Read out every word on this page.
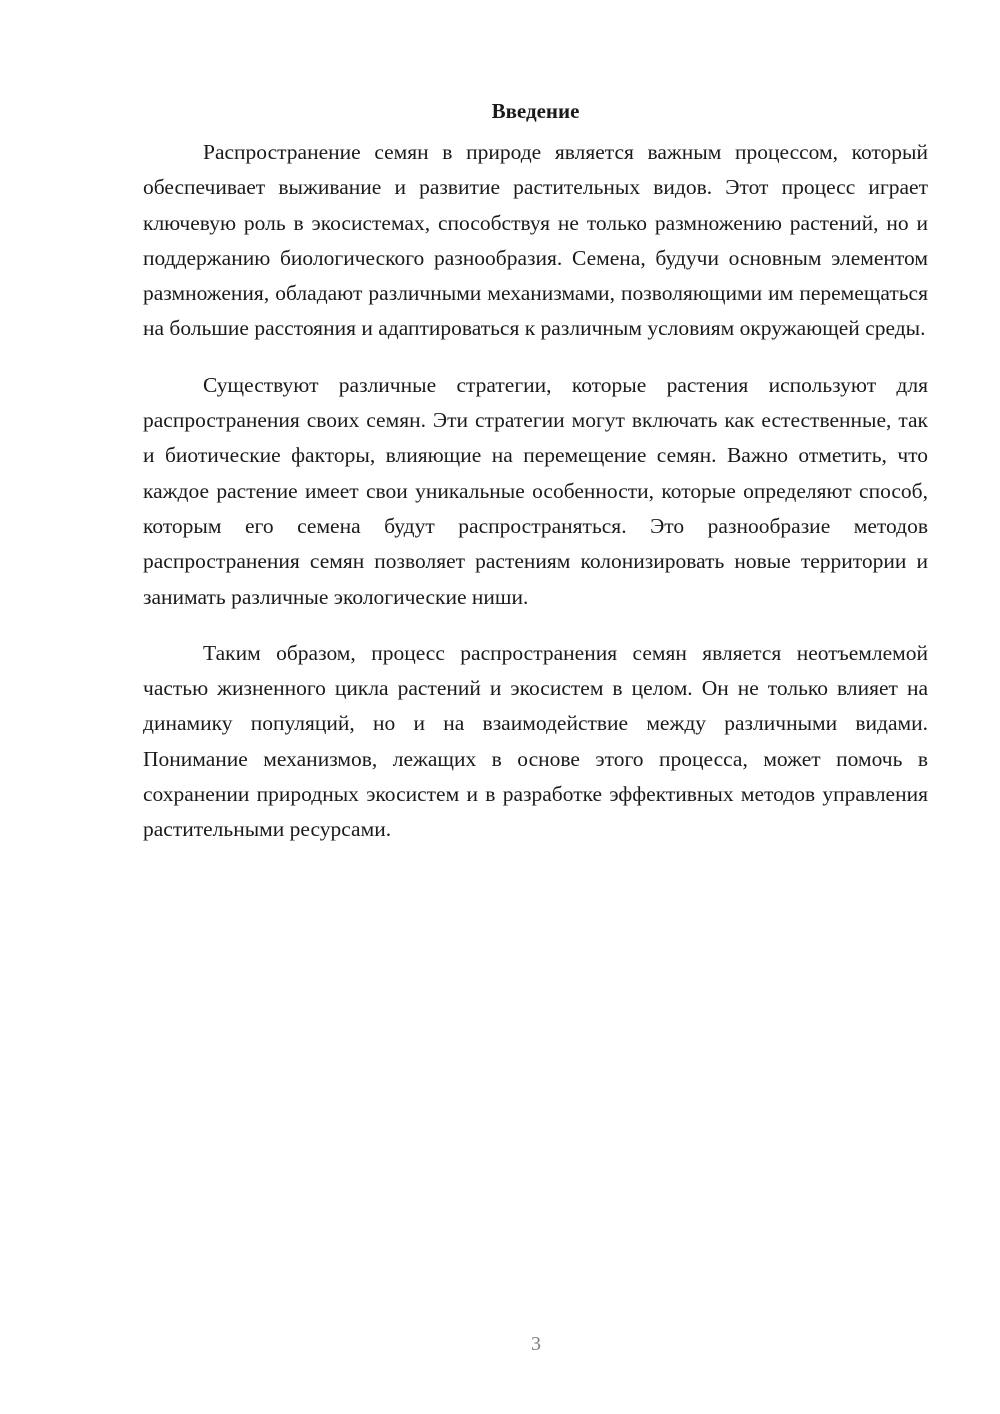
Введение

Распространение семян в природе является важным процессом, который обеспечивает выживание и развитие растительных видов. Этот процесс играет ключевую роль в экосистемах, способствуя не только размножению растений, но и поддержанию биологического разнообразия. Семена, будучи основным элементом размножения, обладают различными механизмами, позволяющими им перемещаться на большие расстояния и адаптироваться к различным условиям окружающей среды.

Существуют различные стратегии, которые растения используют для распространения своих семян. Эти стратегии могут включать как естественные, так и биотические факторы, влияющие на перемещение семян. Важно отметить, что каждое растение имеет свои уникальные особенности, которые определяют способ, которым его семена будут распространяться. Это разнообразие методов распространения семян позволяет растениям колонизировать новые территории и занимать различные экологические ниши.

Таким образом, процесс распространения семян является неотъемлемой частью жизненного цикла растений и экосистем в целом. Он не только влияет на динамику популяций, но и на взаимодействие между различными видами. Понимание механизмов, лежащих в основе этого процесса, может помочь в сохранении природных экосистем и в разработке эффективных методов управления растительными ресурсами.

3
